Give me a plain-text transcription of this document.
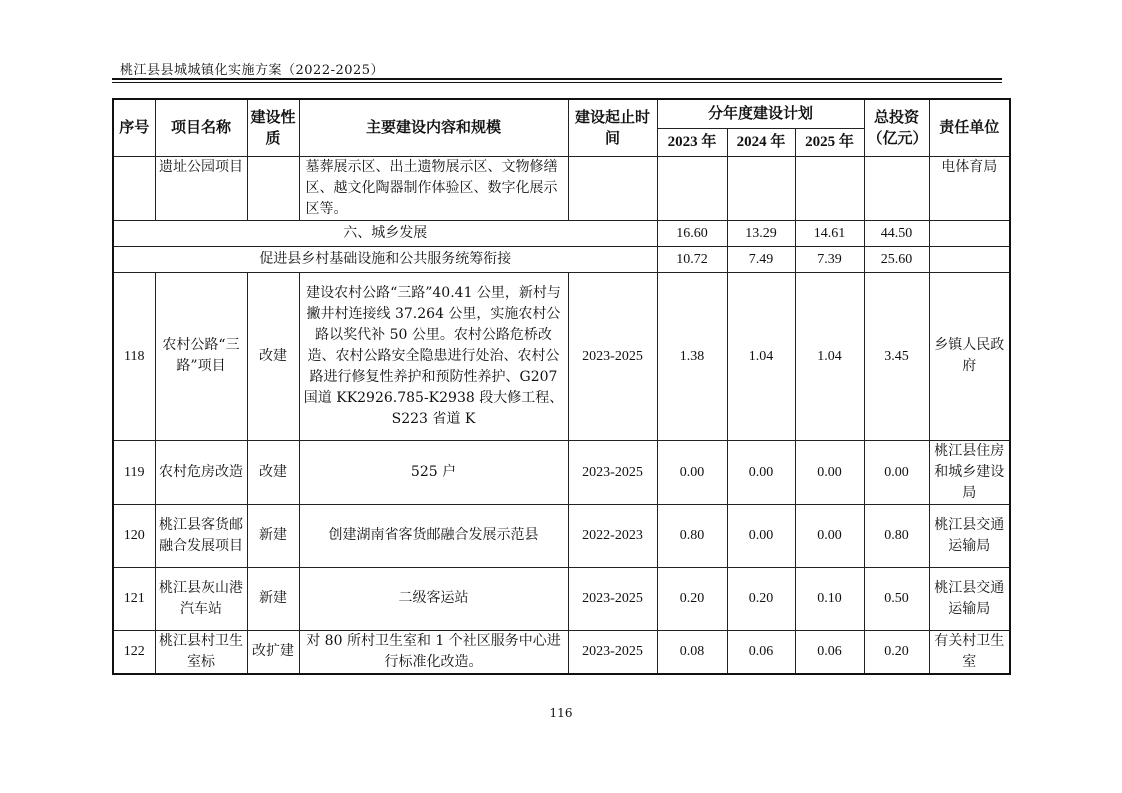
桃江县县城城镇化实施方案（2022-2025）
序号	项目名称	建设性质	主要建设内容和规模	建设起止时间	分年度建设计划			总投资（亿元）	责任单位
					2023 年	2024 年	2025 年		
	遗址公园项目		墓葬展示区、出土遗物展示区、文物修缮区、越文化陶器制作体验区、数字化展示区等。						电体育局
六、城乡发展					16.60	13.29	14.61	44.50	
促进县乡村基础设施和公共服务统筹衔接					10.72	7.49	7.39	25.60	
118	农村公路“三路”项目	改建	建设农村公路“三路”40.41 公里，新村与撇井村连接线 37.264 公里，实施农村公路以奖代补 50 公里。农村公路危桥改造、农村公路安全隐患进行处治、农村公路进行修复性养护和预防性养护、G207 国道 KK2926.785-K2938 段大修工程、S223 省道 K	2023-2025	1.38	1.04	1.04	3.45	乡镇人民政府
119	农村危房改造	改建	525 户	2023-2025	0.00	0.00	0.00	0.00	桃江县住房和城乡建设局
120	桃江县客货邮融合发展项目	新建	创建湖南省客货邮融合发展示范县	2022-2023	0.80	0.00	0.00	0.80	桃江县交通运输局
121	桃江县灰山港汽车站	新建	二级客运站	2023-2025	0.20	0.20	0.10	0.50	桃江县交通运输局
122	桃江县村卫生室标	改扩建	对 80 所村卫生室和 1 个社区服务中心进行标准化改造。	2023-2025	0.08	0.06	0.06	0.20	有关村卫生室
116
